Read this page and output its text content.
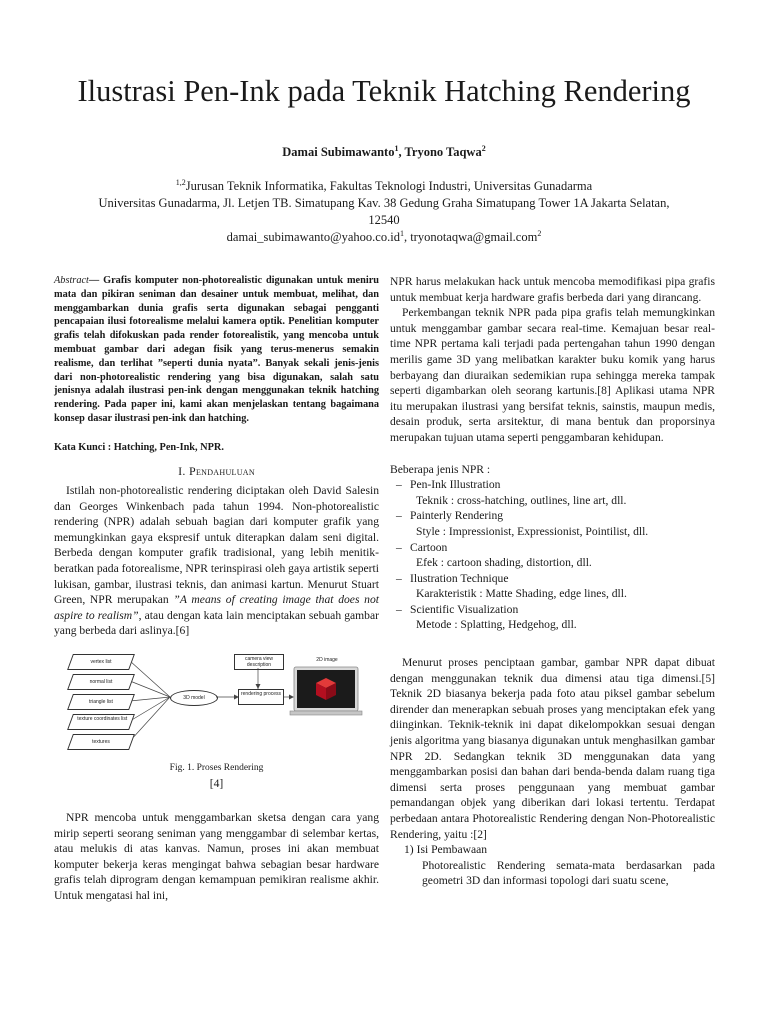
Ilustrasi Pen-Ink pada Teknik Hatching Rendering
Damai Subimawanto$^1$, Tryono Taqwa$^2$
$^{1,2}$Jurusan Teknik Informatika, Fakultas Teknologi Industri, Universitas Gunadarma
Universitas Gunadarma, Jl. Letjen TB. Simatupang Kav. 38 Gedung Graha Simatupang Tower 1A Jakarta Selatan,
12540
$damai\_subimawanto@yahoo.co.id^1$, tryonotaqwa@gmail.com$^2$
Abstract— Grafis komputer non-photorealistic digunakan untuk meniru mata dan pikiran seniman dan desainer untuk membuat, melihat, dan menggambarkan dunia grafis serta digunakan sebagai pengganti pencapaian ilusi fotorealisme melalui kamera optik. Penelitian komputer grafis telah difokuskan pada render fotorealistik, yang mencoba untuk membuat gambar dari adegan fisik yang terus-menerus semakin realisme, dan terlihat ”seperti dunia nyata”. Banyak sekali jenis-jenis dari non-photorealistic rendering yang bisa digunakan, salah satu jenisnya adalah ilustrasi pen-ink dengan menggunakan teknik hatching rendering. Pada paper ini, kami akan menjelaskan tentang bagaimana konsep dasar ilustrasi pen-ink dan hatching.
Kata Kunci : Hatching, Pen-Ink, NPR.
I. Pendahuluan

Istilah non-photorealistic rendering diciptakan oleh David Salesin dan Georges Winkenbach pada tahun 1994. Non-photorealistic rendering (NPR) adalah sebuah bagian dari komputer grafik yang memungkinkan gaya ekspresif untuk diterapkan dalam seni digital. Berbeda dengan komputer grafik tradisional, yang lebih menitik-beratkan pada fotorealisme, NPR terinspirasi oleh gaya artistik seperti lukisan, gambar, ilustrasi teknis, dan animasi kartun. Menurut Stuart Green, NPR merupakan ”A means of creating image that does not aspire to realism”, atau dengan kata lain menciptakan sebuah gambar yang berbeda dari aslinya.[6]

vertex list
normal list
triangle list
texture coordinates list
textures
3D model
camera view description
rendering process
2D image
Fig. 1. Proses Rendering
[4]

NPR mencoba untuk menggambarkan sketsa dengan cara yang mirip seperti seorang seniman yang menggambar di selembar kertas, atau melukis di atas kanvas. Namun, proses ini akan membuat komputer bekerja keras mengingat bahwa sebagian besar hardware grafis telah diprogram dengan kemampuan pemikiran realisme akhir. Untuk mengatasi hal ini,

NPR harus melakukan hack untuk mencoba memodifikasi pipa grafis untuk membuat kerja hardware grafis berbeda dari yang dirancang.

Perkembangan teknik NPR pada pipa grafis telah memungkinkan untuk menggambar gambar secara real-time. Kemajuan besar real-time NPR pertama kali terjadi pada pertengahan tahun 1990 dengan merilis game 3D yang melibatkan karakter buku komik yang harus berbayang dan diuraikan sedemikian rupa sehingga mereka tampak seperti digambarkan oleh seorang kartunis.[8] Aplikasi utama NPR itu merupakan ilustrasi yang bersifat teknis, sainstis, maupun medis, desain produk, serta arsitektur, di mana bentuk dan proporsinya merupakan tujuan utama seperti penggambaran kehidupan.

Beberapa jenis NPR :

– Pen-Ink Illustration
Teknik : cross-hatching, outlines, line art, dll.
– Painterly Rendering
Style : Impressionist, Expressionist, Pointilist, dll.
– Cartoon
Efek : cartoon shading, distortion, dll.
– Ilustration Technique
Karakteristik : Matte Shading, edge lines, dll.
– Scientific Visualization
Metode : Splatting, Hedgehog, dll.

Menurut proses penciptaan gambar, gambar NPR dapat dibuat dengan menggunakan teknik dua dimensi atau tiga dimensi.[5] Teknik 2D biasanya bekerja pada foto atau piksel gambar sebelum dirender dan menerapkan sebuah proses yang menciptakan efek yang diinginkan. Teknik-teknik ini dapat dikelompokkan sesuai dengan jenis algoritma yang biasanya digunakan untuk menghasilkan gambar NPR 2D. Sedangkan teknik 3D menggunakan data yang menggambarkan posisi dan bahan dari benda-benda dalam ruang tiga dimensi serta proses penggunaan yang membuat gambar pemandangan objek yang diberikan dari lokasi tertentu. Terdapat perbedaan antara Photorealistic Rendering dengan Non-Photorealistic Rendering, yaitu :[2]

1) Isi Pembawaan
Photorealistic Rendering semata-mata berdasarkan pada geometri 3D dan informasi topologi dari suatu scene,
